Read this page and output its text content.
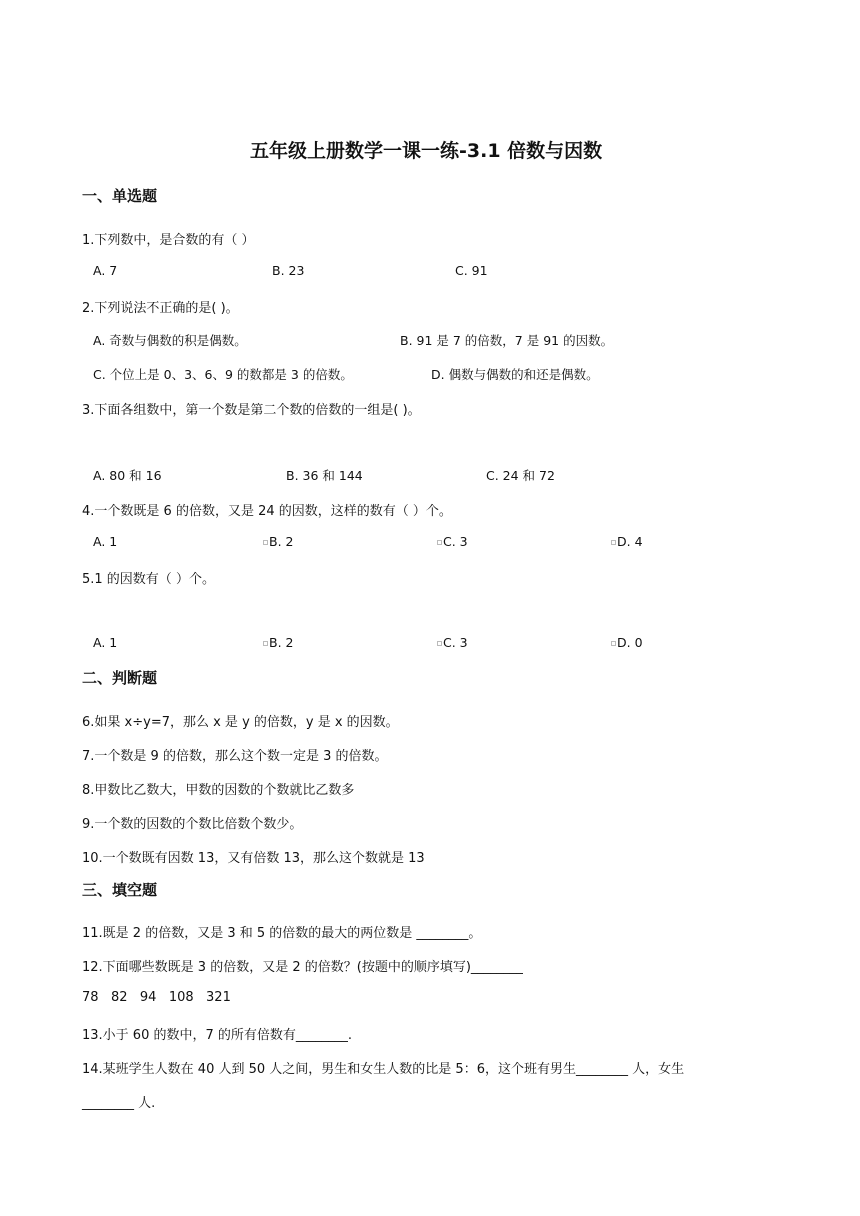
五年级上册数学一课一练-3.1 倍数与因数
一、单选题
1.下列数中，是合数的有（ ）
A. 7	B. 23	C. 91
2.下列说法不正确的是( )。
A. 奇数与偶数的积是偶数。	B. 91 是 7 的倍数，7 是 91 的因数。
C. 个位上是 0、3、6、9 的数都是 3 的倍数。	D. 偶数与偶数的和还是偶数。
3.下面各组数中，第一个数是第二个数的倍数的一组是( )。
A. 80 和 16	B. 36 和 144	C. 24 和 72
4.一个数既是 6 的倍数，又是 24 的因数，这样的数有（ ）个。
A. 1	B. 2	C. 3	D. 4
5.1 的因数有（ ）个。
A. 1	B. 2	C. 3	D. 0
二、判断题
6.如果 x÷y=7，那么 x 是 y 的倍数，y 是 x 的因数。
7.一个数是 9 的倍数，那么这个数一定是 3 的倍数。
8.甲数比乙数大，甲数的因数的个数就比乙数多
9.一个数的因数的个数比倍数个数少。
10.一个数既有因数 13，又有倍数 13，那么这个数就是 13
三、填空题
11.既是 2 的倍数，又是 3 和 5 的倍数的最大的两位数是 ________。
12.下面哪些数既是 3 的倍数，又是 2 的倍数？(按题中的顺序填写)________
78   82   94   108   321
13.小于 60 的数中，7 的所有倍数有________.
14.某班学生人数在 40 人到 50 人之间，男生和女生人数的比是 5：6，这个班有男生________ 人，女生
________ 人.
